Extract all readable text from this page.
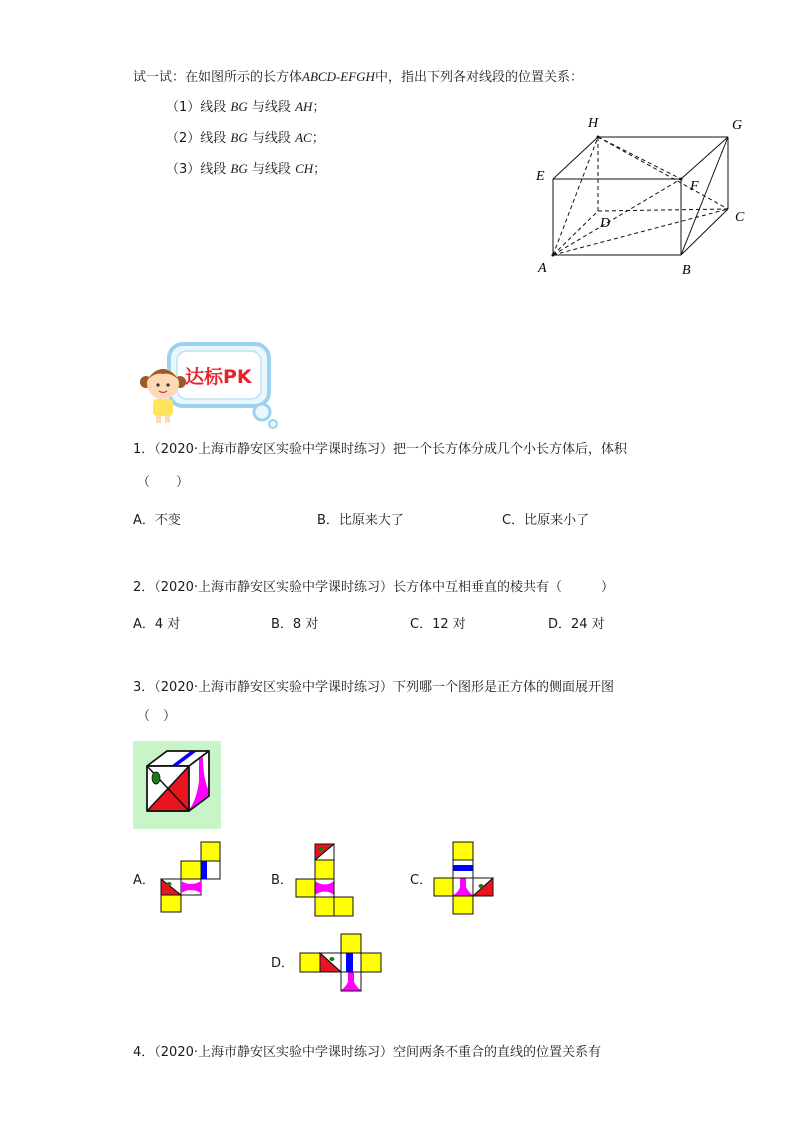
试一试：在如图所示的长方体ABCD-EFGH中，指出下列各对线段的位置关系：
（1）线段 BG 与线段 AH；
（2）线段 BG 与线段 AC；
（3）线段 BG 与线段 CH；
H	G
E
F
D	C
A	B
达标PK
1．（2020·上海市静安区实验中学课时练习）把一个长方体分成几个小长方体后，体积
（　　）
A．不变	B．比原来大了	C．比原来小了
2．（2020·上海市静安区实验中学课时练习）长方体中互相垂直的棱共有（　　　）
A．4 对	B．8 对	C．12 对	D．24 对
3．（2020·上海市静安区实验中学课时练习）下列哪一个图形是正方体的侧面展开图
（　）
A．	B．	C．
D．
4．（2020·上海市静安区实验中学课时练习）空间两条不重合的直线的位置关系有
